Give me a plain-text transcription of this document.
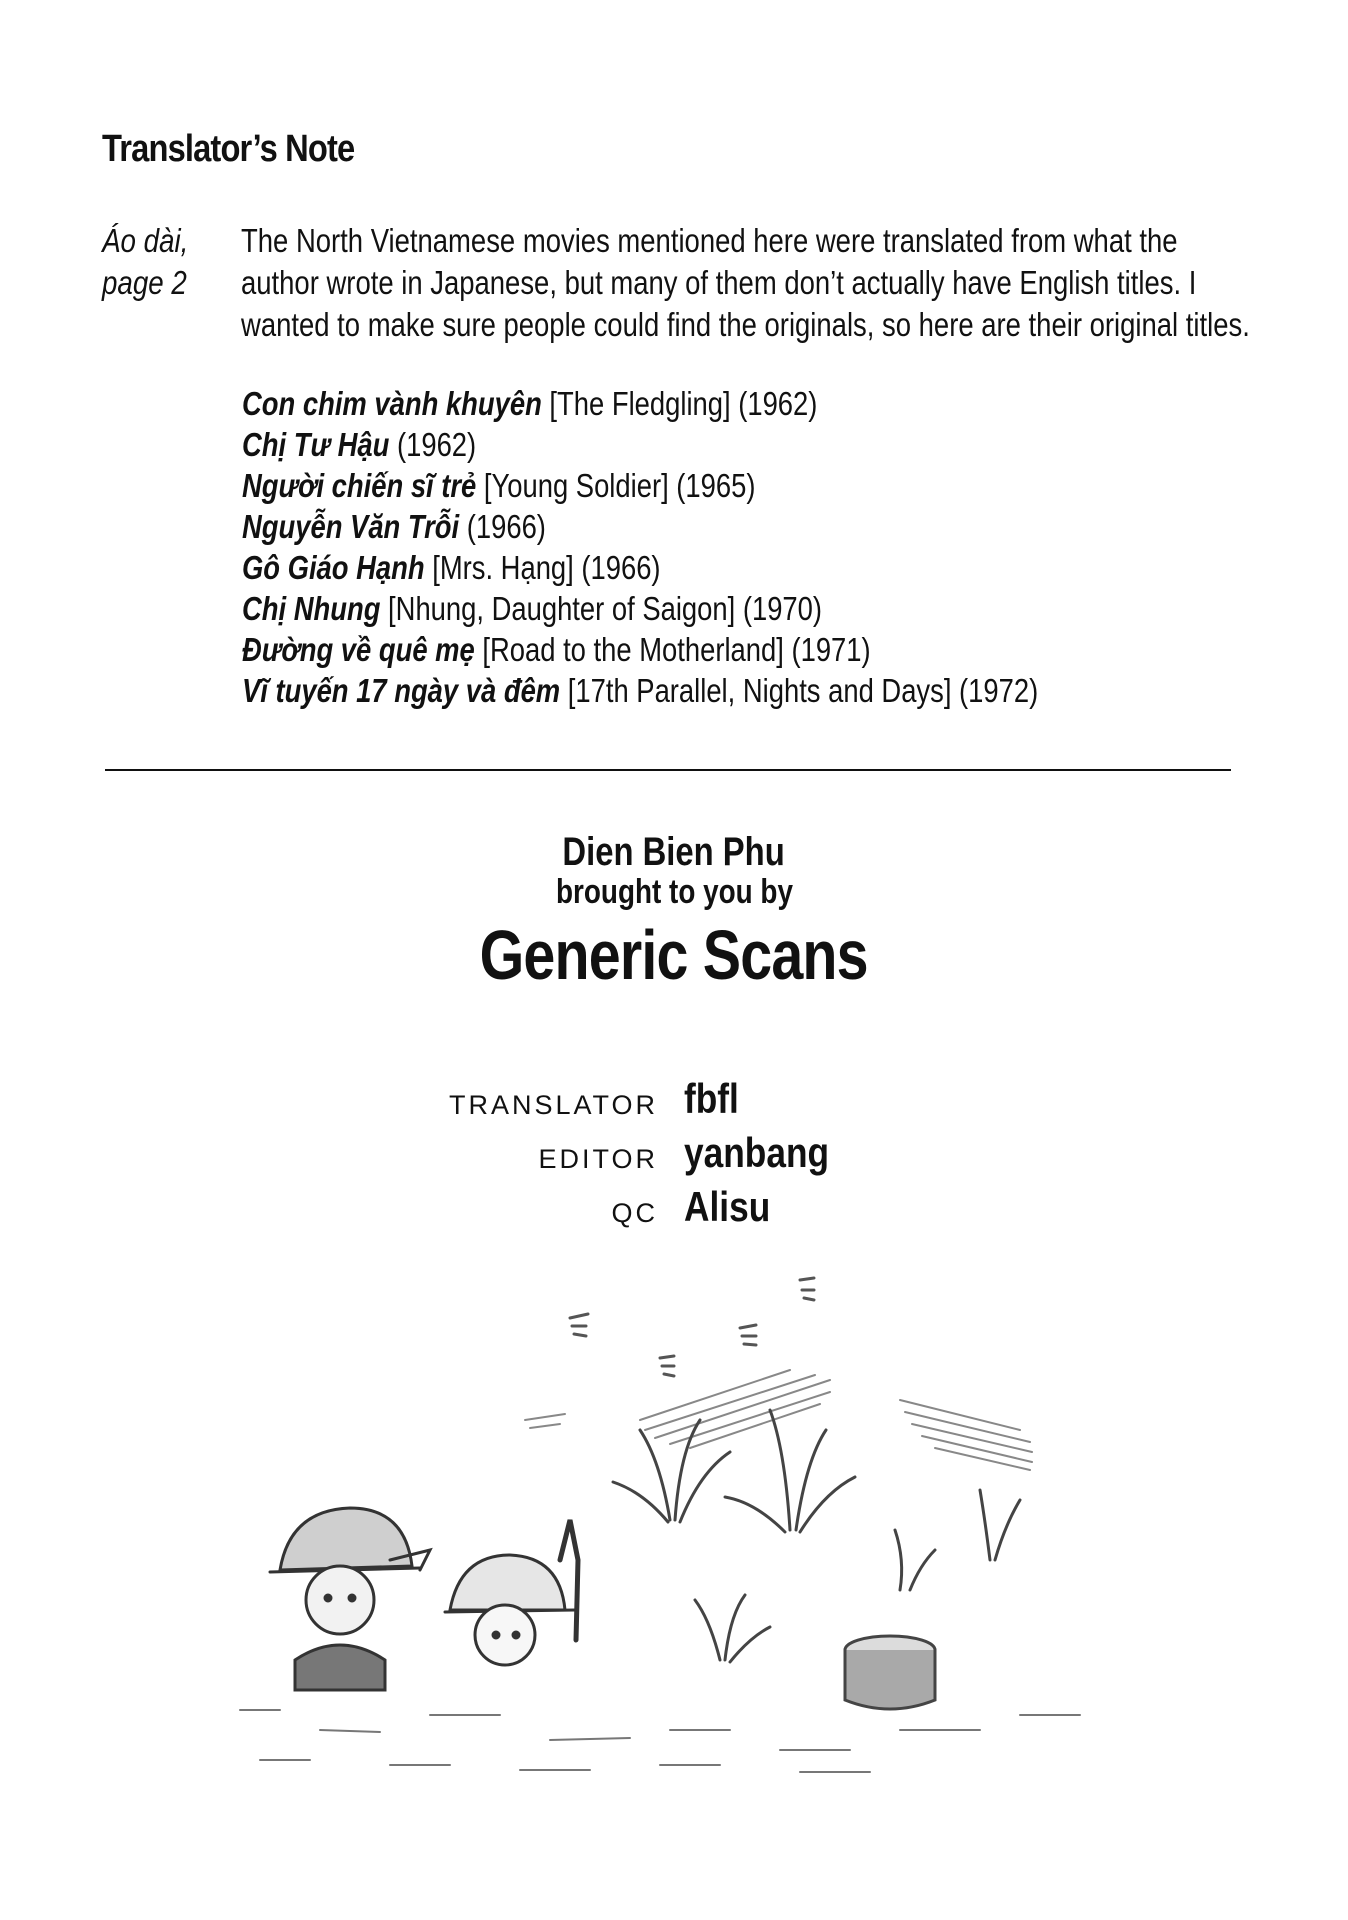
Translator’s Note
Áo dài,
page 2
The North Vietnamese movies mentioned here were translated from what the
author wrote in Japanese, but many of them don’t actually have English titles. I
wanted to make sure people could find the originals, so here are their original titles.
Con chim vành khuyên [The Fledgling] (1962)
Chị Tư Hậu (1962)
Người chiến sĩ trẻ [Young Soldier] (1965)
Nguyễn Văn Trỗi (1966)
Gô Giáo Hạnh [Mrs. Hạng] (1966)
Chị Nhung [Nhung, Daughter of Saigon] (1970)
Đường về quê mẹ [Road to the Motherland] (1971)
Vĩ tuyến 17 ngày và đêm [17th Parallel, Nights and Days] (1972)
Dien Bien Phu
brought to you by
Generic Scans
TRANSLATOR fbfl
EDITOR yanbang
QC Alisu
